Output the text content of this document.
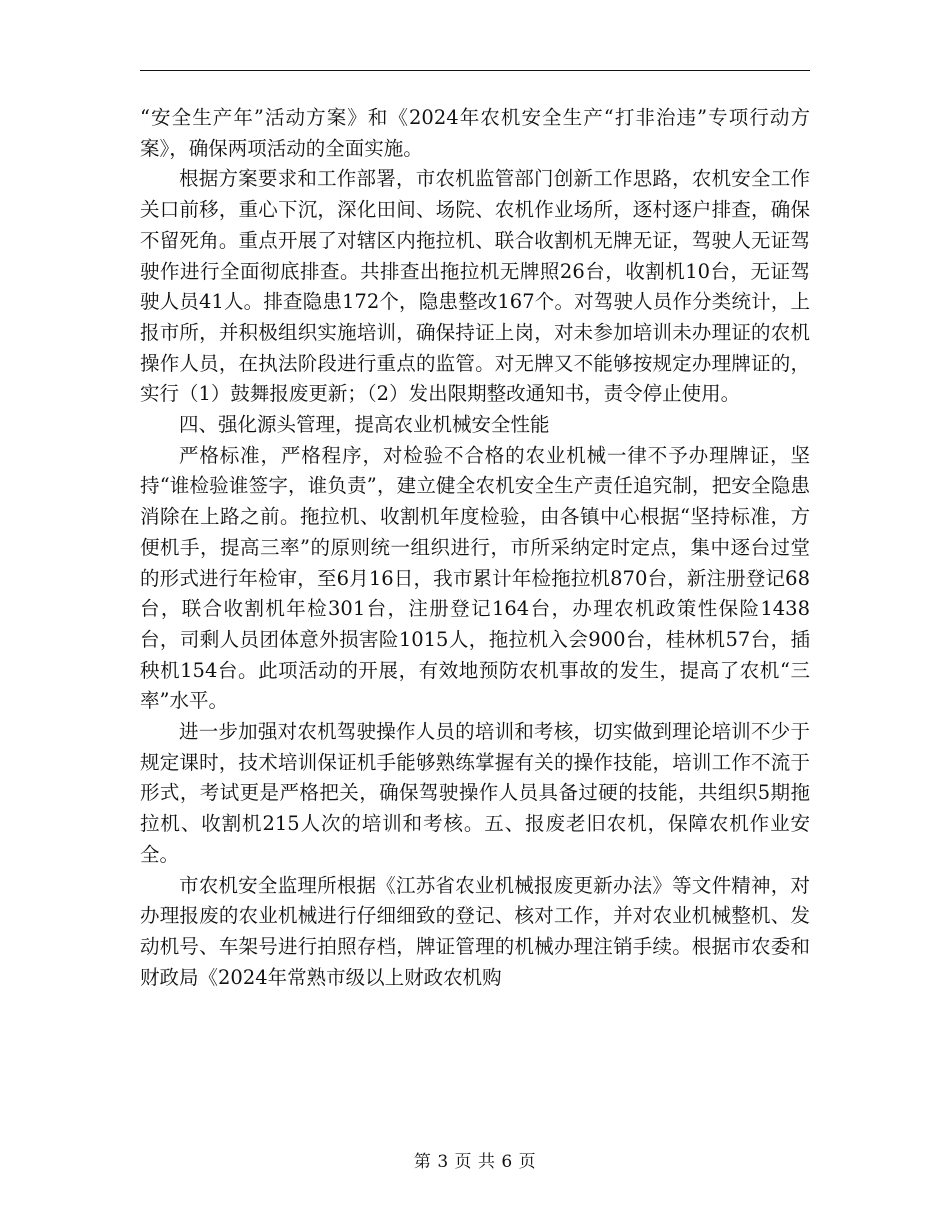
“安全生产年”活动方案》和《2024年农机安全生产“打非治违”专项行动方案》，确保两项活动的全面实施。

根据方案要求和工作部署，市农机监管部门创新工作思路，农机安全工作关口前移，重心下沉，深化田间、场院、农机作业场所，逐村逐户排查，确保不留死角。重点开展了对辖区内拖拉机、联合收割机无牌无证，驾驶人无证驾驶作进行全面彻底排查。共排查出拖拉机无牌照26台，收割机10台，无证驾驶人员41人。排查隐患172个，隐患整改167个。对驾驶人员作分类统计，上报市所，并积极组织实施培训，确保持证上岗，对未参加培训未办理证的农机操作人员，在执法阶段进行重点的监管。对无牌又不能够按规定办理牌证的，实行（1）鼓舞报废更新；（2）发出限期整改通知书，责令停止使用。

四、强化源头管理，提高农业机械安全性能

严格标准，严格程序，对检验不合格的农业机械一律不予办理牌证，坚持“谁检验谁签字，谁负责”，建立健全农机安全生产责任追究制，把安全隐患消除在上路之前。拖拉机、收割机年度检验，由各镇中心根据“坚持标准，方便机手，提高三率”的原则统一组织进行，市所采纳定时定点，集中逐台过堂的形式进行年检审，至6月16日，我市累计年检拖拉机870台，新注册登记68台，联合收割机年检301台，注册登记164台，办理农机政策性保险1438台，司剩人员团体意外损害险1015人，拖拉机入会900台，桂林机57台，插秧机154台。此项活动的开展，有效地预防农机事故的发生，提高了农机“三率”水平。

进一步加强对农机驾驶操作人员的培训和考核，切实做到理论培训不少于规定课时，技术培训保证机手能够熟练掌握有关的操作技能，培训工作不流于形式，考试更是严格把关，确保驾驶操作人员具备过硬的技能，共组织5期拖拉机、收割机215人次的培训和考核。五、报废老旧农机，保障农机作业安全。

市农机安全监理所根据《江苏省农业机械报废更新办法》等文件精神，对办理报废的农业机械进行仔细细致的登记、核对工作，并对农业机械整机、发动机号、车架号进行拍照存档，牌证管理的机械办理注销手续。根据市农委和财政局《2024年常熟市级以上财政农机购

第 3 页 共 6 页
